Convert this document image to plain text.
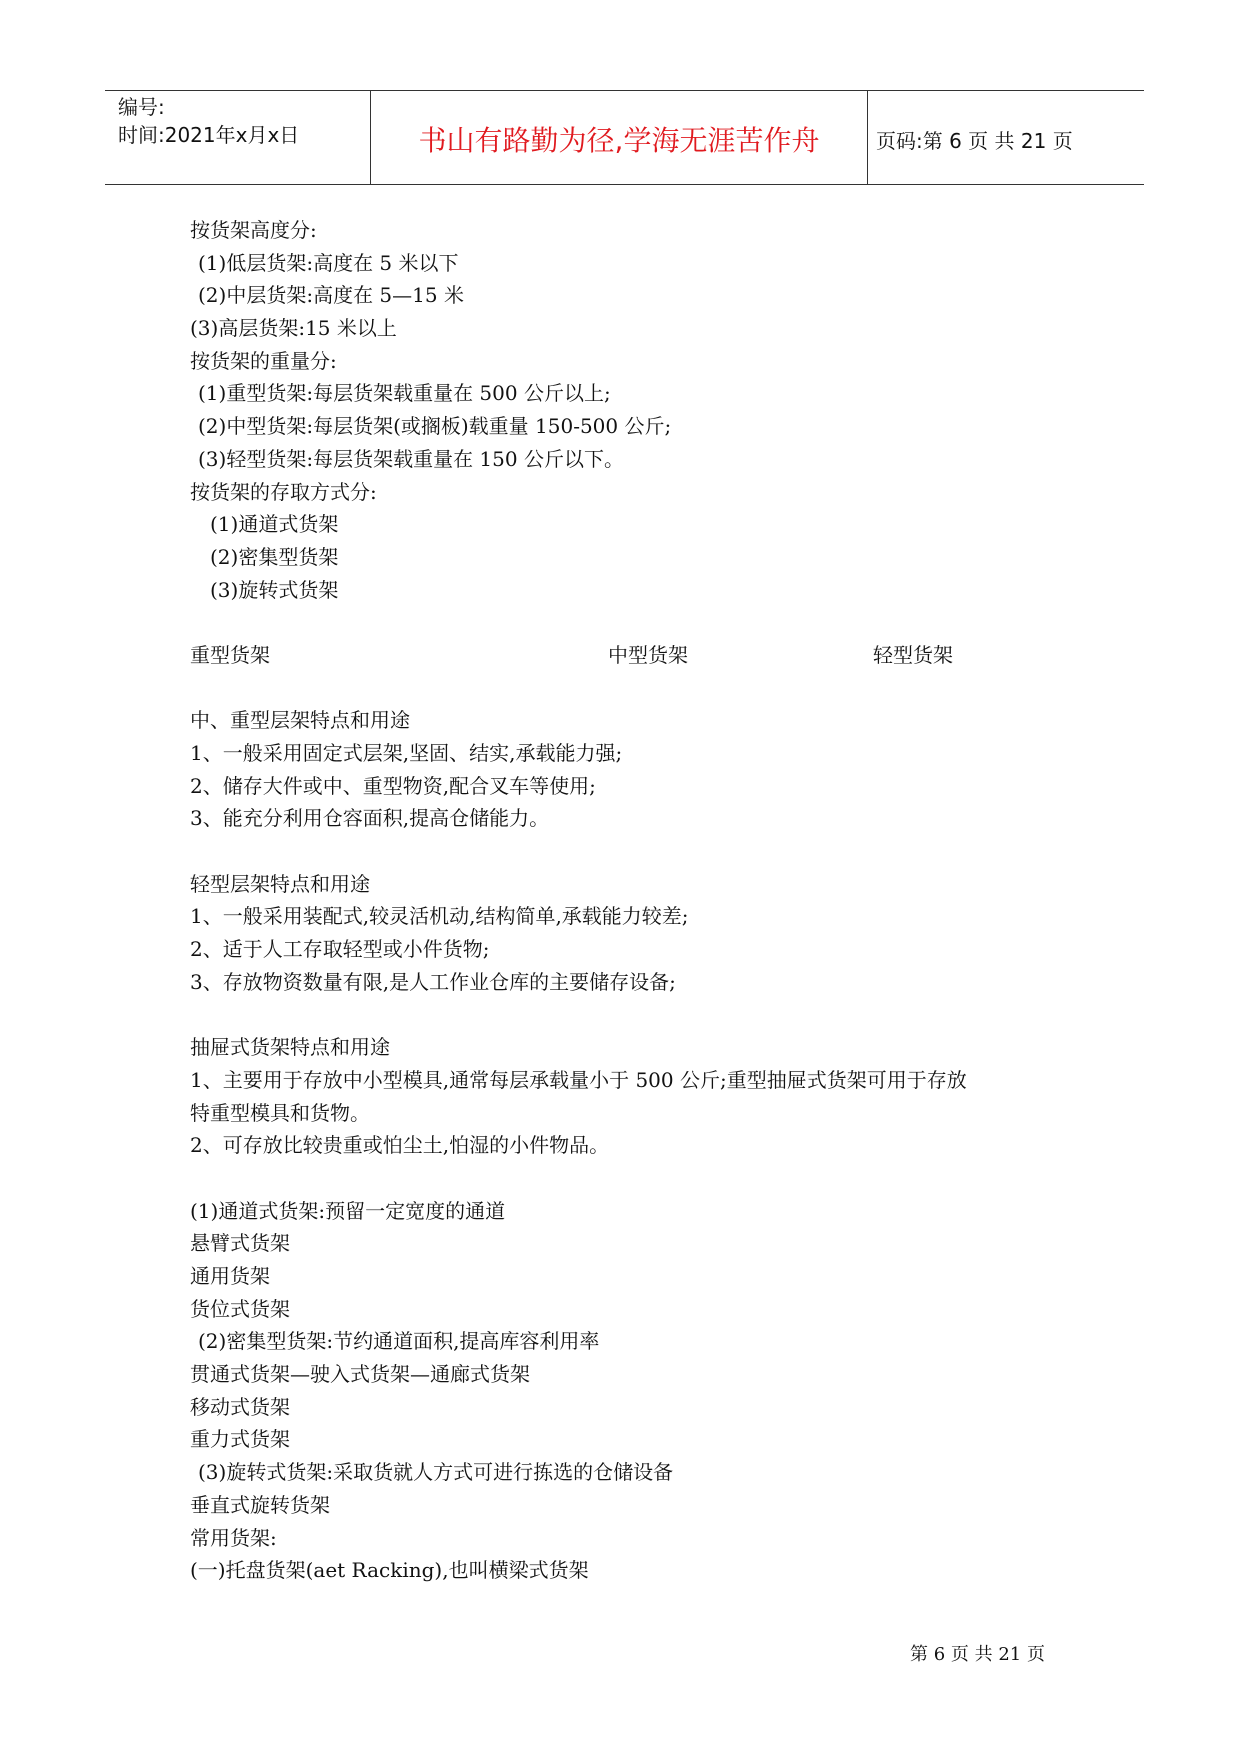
编号:
时间:2021年x月x日	书山有路勤为径,学海无涯苦作舟	页码:第 6 页 共 21 页
按货架高度分:
(1)低层货架:高度在 5 米以下
(2)中层货架:高度在 5—15 米
(3)高层货架:15 米以上
按货架的重量分:
(1)重型货架:每层货架载重量在 500 公斤以上;
(2)中型货架:每层货架(或搁板)载重量 150-500 公斤;
(3)轻型货架:每层货架载重量在 150 公斤以下。
按货架的存取方式分:
(1)通道式货架
(2)密集型货架
(3)旋转式货架
重型货架	中型货架	轻型货架
中、重型层架特点和用途
1、一般采用固定式层架,坚固、结实,承载能力强;
2、储存大件或中、重型物资,配合叉车等使用;
3、能充分利用仓容面积,提高仓储能力。
轻型层架特点和用途
1、一般采用装配式,较灵活机动,结构简单,承载能力较差;
2、适于人工存取轻型或小件货物;
3、存放物资数量有限,是人工作业仓库的主要储存设备;
抽屉式货架特点和用途
1、主要用于存放中小型模具,通常每层承载量小于 500 公斤;重型抽屉式货架可用于存放
特重型模具和货物。
2、可存放比较贵重或怕尘土,怕湿的小件物品。
(1)通道式货架:预留一定宽度的通道
悬臂式货架
通用货架
货位式货架
(2)密集型货架:节约通道面积,提高库容利用率
贯通式货架—驶入式货架—通廊式货架
移动式货架
重力式货架
(3)旋转式货架:采取货就人方式可进行拣选的仓储设备
垂直式旋转货架
常用货架:
(一)托盘货架(aet Racking),也叫横梁式货架
第 6 页 共 21 页
